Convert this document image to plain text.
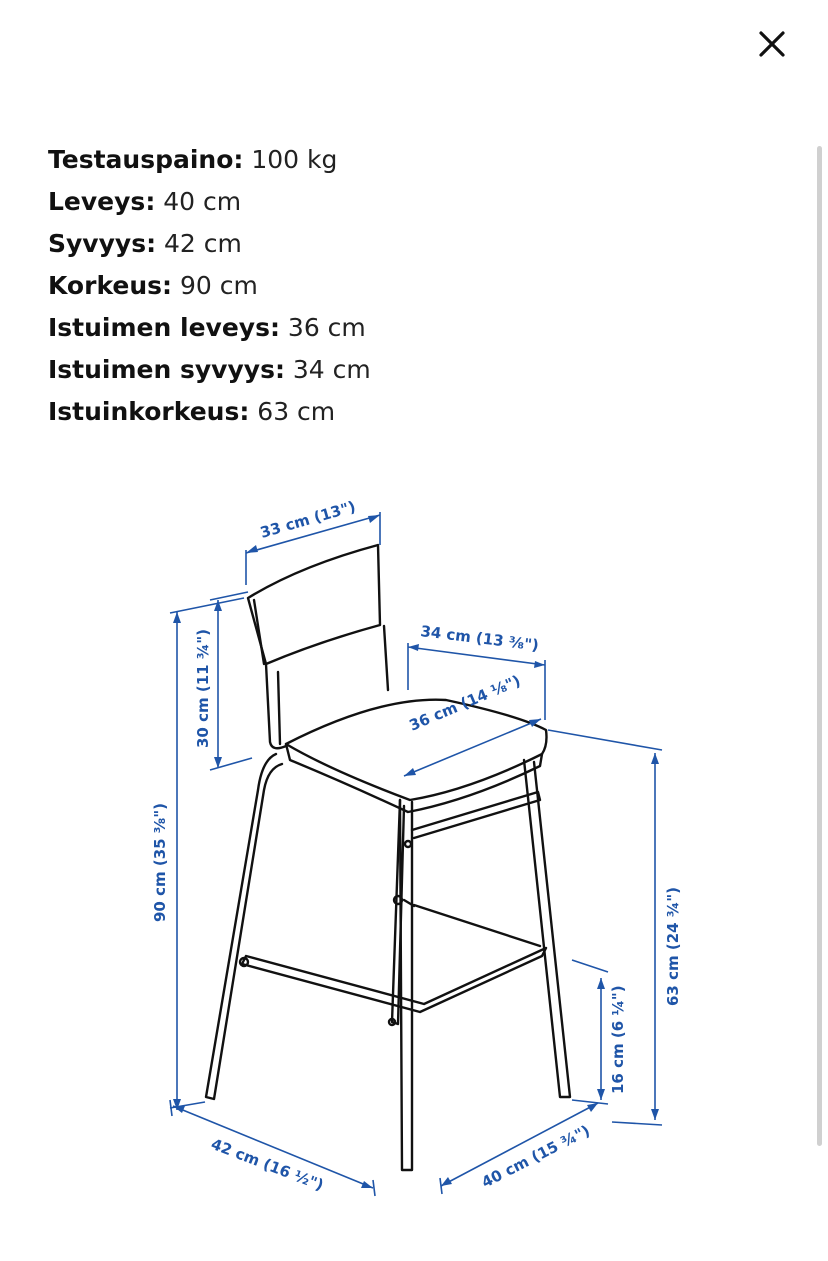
Testauspaino: 100 kg
Leveys: 40 cm
Syvyys: 42 cm
Korkeus: 90 cm
Istuimen leveys: 36 cm
Istuimen syvyys: 34 cm
Istuinkorkeus: 63 cm
33 cm (13")
34 cm (13 ⅜")
36 cm (14 ⅛")
30 cm (11 ¾")
90 cm (35 ⅜")
63 cm (24 ¾")
16 cm (6 ¼")
42 cm (16 ½")	40 cm (15 ¾")
